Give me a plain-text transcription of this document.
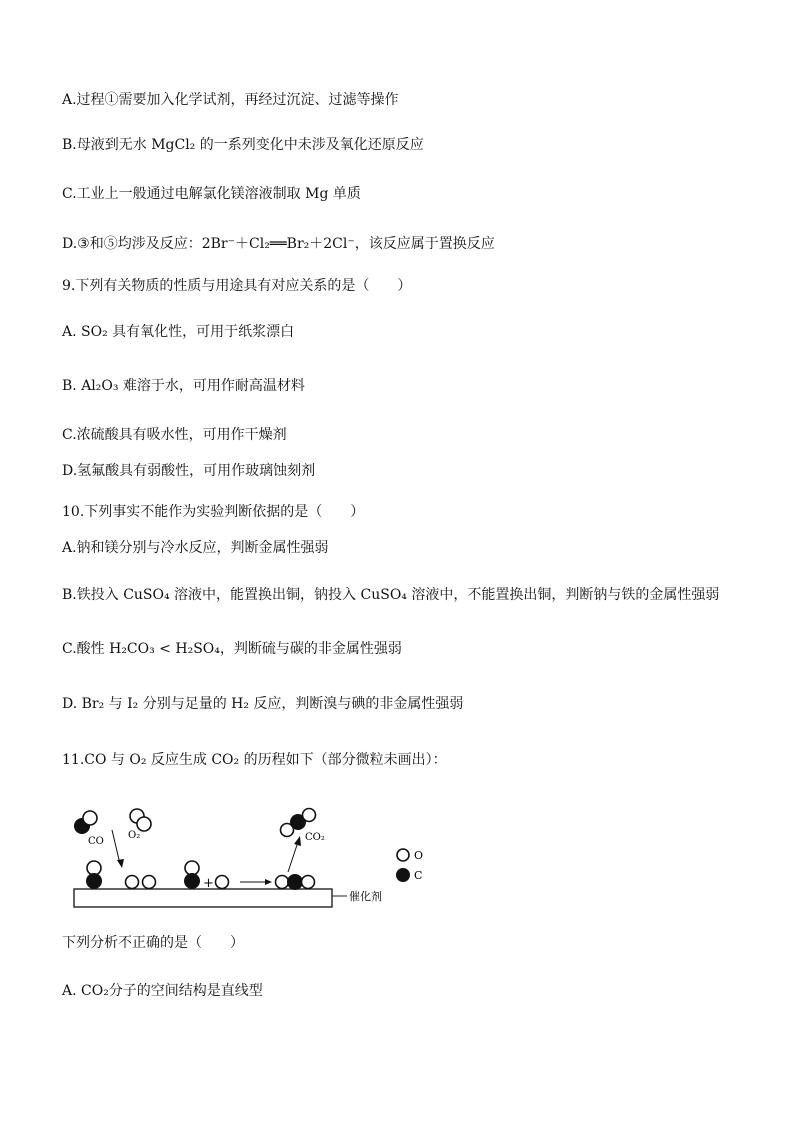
A.过程①需要加入化学试剂，再经过沉淀、过滤等操作
B.母液到无水 MgCl₂ 的一系列变化中未涉及氧化还原反应
C.工业上一般通过电解氯化镁溶液制取 Mg 单质
D.③和⑤均涉及反应：2Br⁻＋Cl₂══Br₂＋2Cl⁻，该反应属于置换反应
9.下列有关物质的性质与用途具有对应关系的是（　　）
A. SO₂ 具有氧化性，可用于纸浆漂白
B. Al₂O₃ 难溶于水，可用作耐高温材料
C.浓硫酸具有吸水性，可用作干燥剂
D.氢氟酸具有弱酸性，可用作玻璃蚀刻剂
10.下列事实不能作为实验判断依据的是（　　）
A.钠和镁分别与冷水反应，判断金属性强弱
B.铁投入 CuSO₄ 溶液中，能置换出铜，钠投入 CuSO₄ 溶液中，不能置换出铜，判断钠与铁的金属性强弱
C.酸性 H₂CO₃ < H₂SO₄，判断硫与碳的非金属性强弱
D. Br₂ 与 I₂ 分别与足量的 H₂ 反应，判断溴与碘的非金属性强弱
11.CO 与 O₂ 反应生成 CO₂ 的历程如下（部分微粒未画出）：
催化剂
CO
O₂
+
CO₂
O
C
下列分析不正确的是（　　）
A. CO₂分子的空间结构是直线型
